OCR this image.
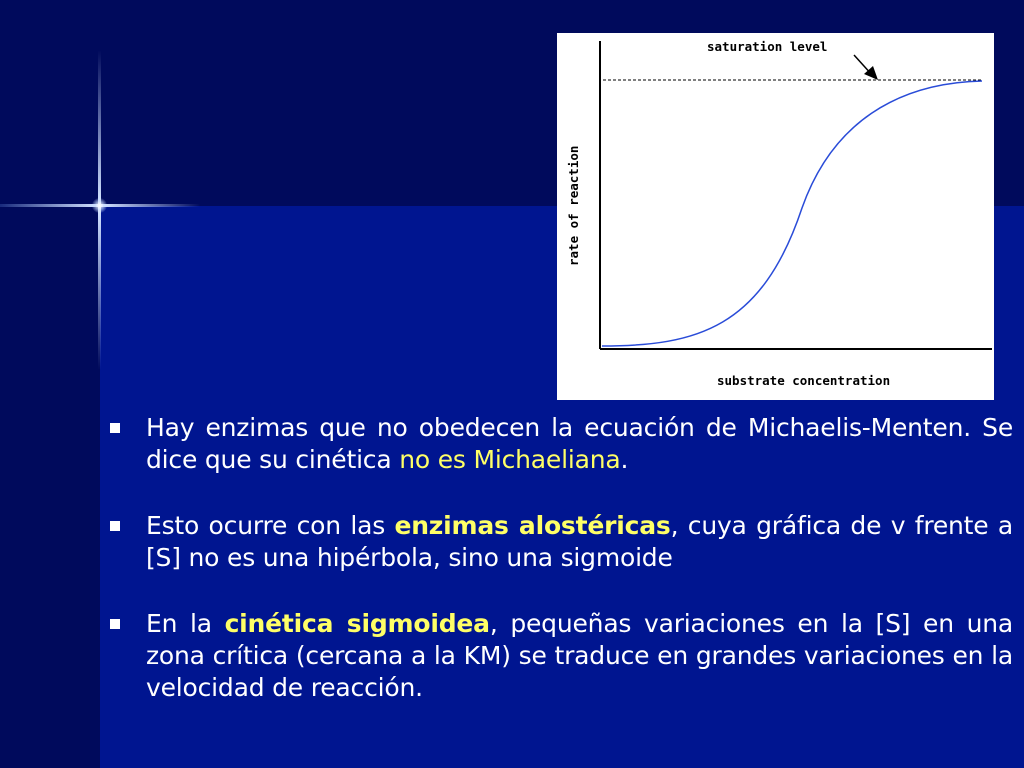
saturation level
rate of reaction
substrate concentration
Hay enzimas que no obedecen la ecuación de Michaelis-Menten. Se dice que su cinética no es Michaeliana.
Esto ocurre con las enzimas alostéricas, cuya gráfica de v frente a [S] no es una hipérbola, sino una sigmoide
En la cinética sigmoidea, pequeñas variaciones en la [S] en una zona crítica (cercana a la KM) se traduce en grandes variaciones en la velocidad de reacción.
